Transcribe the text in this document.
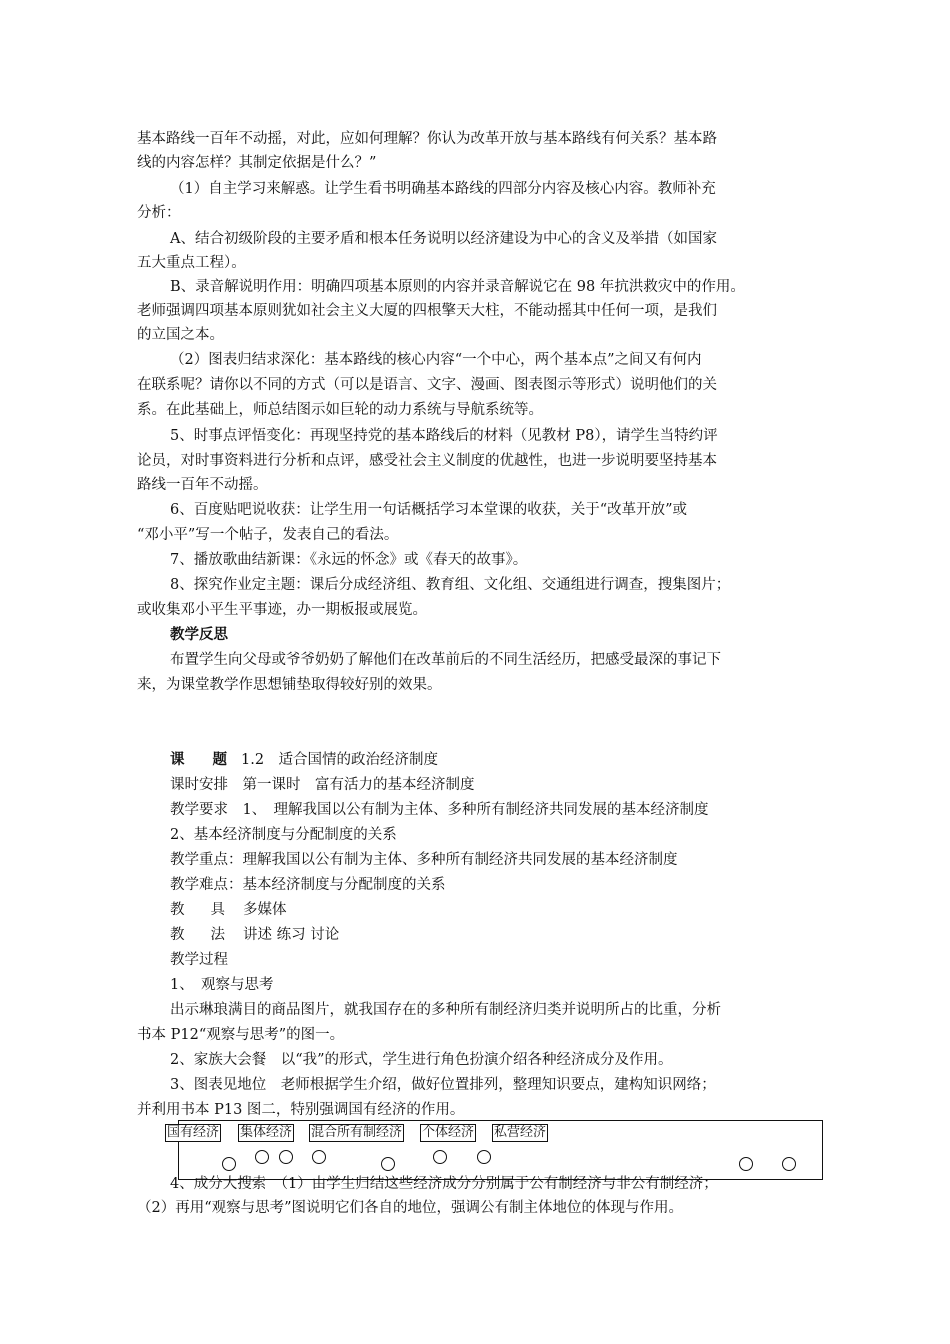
基本路线一百年不动摇，对此，应如何理解？你认为改革开放与基本路线有何关系？基本路
线的内容怎样？其制定依据是什么？”
（1）自主学习来解惑。让学生看书明确基本路线的四部分内容及核心内容。教师补充
分析：
A、结合初级阶段的主要矛盾和根本任务说明以经济建设为中心的含义及举措（如国家
五大重点工程）。
B、录音解说明作用：明确四项基本原则的内容并录音解说它在 98 年抗洪救灾中的作用。
老师强调四项基本原则犹如社会主义大厦的四根擎天大柱，不能动摇其中任何一项，是我们
的立国之本。
（2）图表归结求深化：基本路线的核心内容“一个中心，两个基本点”之间又有何内
在联系呢？请你以不同的方式（可以是语言、文字、漫画、图表图示等形式）说明他们的关
系。在此基础上，师总结图示如巨轮的动力系统与导航系统等。
5、时事点评悟变化：再现坚持党的基本路线后的材料（见教材 P8），请学生当特约评
论员，对时事资料进行分析和点评，感受社会主义制度的优越性，也进一步说明要坚持基本
路线一百年不动摇。
6、百度贴吧说收获：让学生用一句话概括学习本堂课的收获，关于“改革开放”或
“邓小平”写一个帖子，发表自己的看法。
7、播放歌曲结新课：《永远的怀念》或《春天的故事》。
8、探究作业定主题：课后分成经济组、教育组、文化组、交通组进行调查，搜集图片；
或收集邓小平生平事迹，办一期板报或展览。
教学反思
布置学生向父母或爷爷奶奶了解他们在改革前后的不同生活经历，把感受最深的事记下
来，为课堂教学作思想铺垫取得较好别的效果。
课 题 1.2　适合国情的政治经济制度
课时安排　第一课时　富有活力的基本经济制度
教学要求　1、　理解我国以公有制为主体、多种所有制经济共同发展的基本经济制度
2、基本经济制度与分配制度的关系
教学重点：理解我国以公有制为主体、多种所有制经济共同发展的基本经济制度
教学难点：基本经济制度与分配制度的关系
教 具 多媒体
教 法 讲述 练习 讨论
教学过程
1、　观察与思考
出示琳琅满目的商品图片，就我国存在的多种所有制经济归类并说明所占的比重，分析
书本 P12“观察与思考”的图一。
2、家族大会餐　以“我”的形式，学生进行角色扮演介绍各种经济成分及作用。
3、图表见地位　老师根据学生介绍，做好位置排列，整理知识要点，建构知识网络；
并利用书本 P13 图二，特别强调国有经济的作用。
国有经济 集体经济 混合所有制经济 个体经济 私营经济
4、成分大搜索　（1）由学生归结这些经济成分分别属于公有制经济与非公有制经济；
（2）再用“观察与思考”图说明它们各自的地位，强调公有制主体地位的体现与作用。
